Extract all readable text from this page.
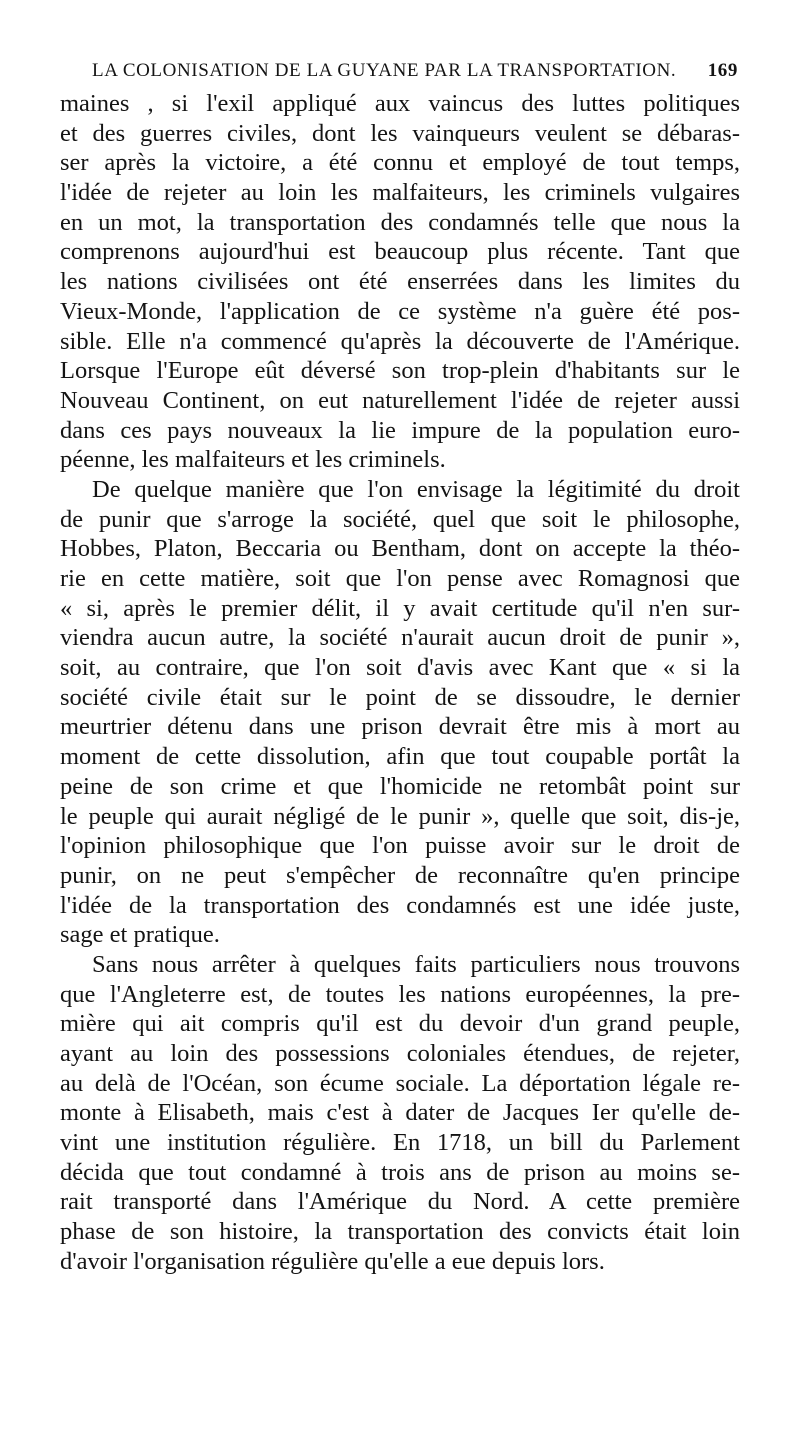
LA COLONISATION DE LA GUYANE PAR LA TRANSPORTATION. 169

maines , si l'exil appliqué aux vaincus des luttes politiques
et des guerres civiles, dont les vainqueurs veulent se débaras-
ser après la victoire, a été connu et employé de tout temps,
l'idée de rejeter au loin les malfaiteurs, les criminels vulgaires
en un mot, la transportation des condamnés telle que nous la
comprenons aujourd'hui est beaucoup plus récente. Tant que
les nations civilisées ont été enserrées dans les limites du
Vieux-Monde, l'application de ce système n'a guère été pos-
sible. Elle n'a commencé qu'après la découverte de l'Amérique.
Lorsque l'Europe eût déversé son trop-plein d'habitants sur le
Nouveau Continent, on eut naturellement l'idée de rejeter aussi
dans ces pays nouveaux la lie impure de la population euro-
péenne, les malfaiteurs et les criminels.

De quelque manière que l'on envisage la légitimité du droit
de punir que s'arroge la société, quel que soit le philosophe,
Hobbes, Platon, Beccaria ou Bentham, dont on accepte la théo-
rie en cette matière, soit que l'on pense avec Romagnosi que
« si, après le premier délit, il y avait certitude qu'il n'en sur-
viendra aucun autre, la société n'aurait aucun droit de punir »,
soit, au contraire, que l'on soit d'avis avec Kant que « si la
société civile était sur le point de se dissoudre, le dernier
meurtrier détenu dans une prison devrait être mis à mort au
moment de cette dissolution, afin que tout coupable portât la
peine de son crime et que l'homicide ne retombât point sur
le peuple qui aurait négligé de le punir », quelle que soit, dis-je,
l'opinion philosophique que l'on puisse avoir sur le droit de
punir, on ne peut s'empêcher de reconnaître qu'en principe
l'idée de la transportation des condamnés est une idée juste,
sage et pratique.

Sans nous arrêter à quelques faits particuliers nous trouvons
que l'Angleterre est, de toutes les nations européennes, la pre-
mière qui ait compris qu'il est du devoir d'un grand peuple,
ayant au loin des possessions coloniales étendues, de rejeter,
au delà de l'Océan, son écume sociale. La déportation légale re-
monte à Elisabeth, mais c'est à dater de Jacques Ier qu'elle de-
vint une institution régulière. En 1718, un bill du Parlement
décida que tout condamné à trois ans de prison au moins se-
rait transporté dans l'Amérique du Nord. A cette première
phase de son histoire, la transportation des convicts était loin
d'avoir l'organisation régulière qu'elle a eue depuis lors.
